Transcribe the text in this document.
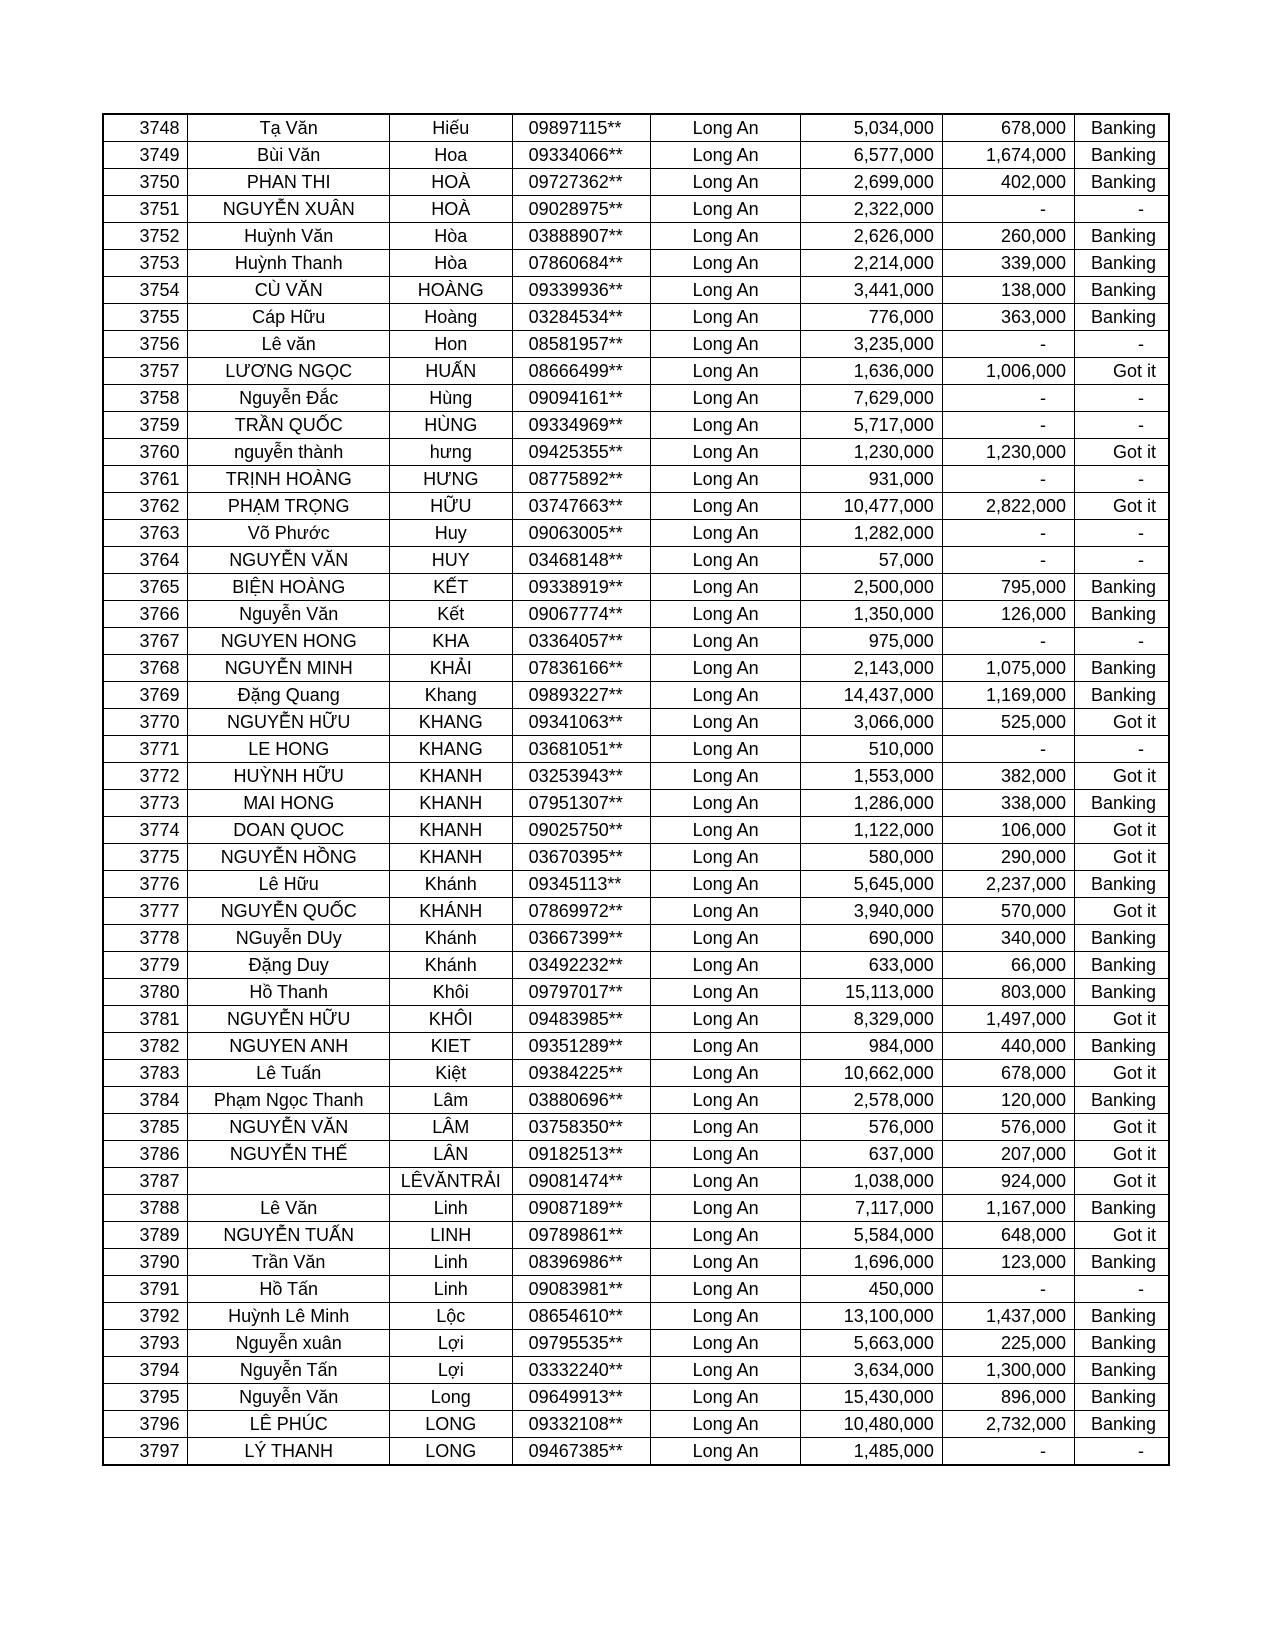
3748	Tạ Văn	Hiếu	09897115**	Long An	5,034,000	678,000	Banking
3749	Bùi Văn	Hoa	09334066**	Long An	6,577,000	1,674,000	Banking
3750	PHAN THI	HOÀ	09727362**	Long An	2,699,000	402,000	Banking
3751	NGUYỄN XUÂN	HOÀ	09028975**	Long An	2,322,000	-	-
3752	Huỳnh Văn	Hòa	03888907**	Long An	2,626,000	260,000	Banking
3753	Huỳnh Thanh	Hòa	07860684**	Long An	2,214,000	339,000	Banking
3754	CÙ VĂN	HOÀNG	09339936**	Long An	3,441,000	138,000	Banking
3755	Cáp Hữu	Hoàng	03284534**	Long An	776,000	363,000	Banking
3756	Lê văn	Hon	08581957**	Long An	3,235,000	-	-
3757	LƯƠNG NGỌC	HUẤN	08666499**	Long An	1,636,000	1,006,000	Got it
3758	Nguyễn Đắc	Hùng	09094161**	Long An	7,629,000	-	-
3759	TRẦN QUỐC	HÙNG	09334969**	Long An	5,717,000	-	-
3760	nguyễn thành	hưng	09425355**	Long An	1,230,000	1,230,000	Got it
3761	TRỊNH HOÀNG	HƯNG	08775892**	Long An	931,000	-	-
3762	PHẠM TRỌNG	HỮU	03747663**	Long An	10,477,000	2,822,000	Got it
3763	Võ Phước	Huy	09063005**	Long An	1,282,000	-	-
3764	NGUYỄN VĂN	HUY	03468148**	Long An	57,000	-	-
3765	BIỆN HOÀNG	KẾT	09338919**	Long An	2,500,000	795,000	Banking
3766	Nguyễn Văn	Kết	09067774**	Long An	1,350,000	126,000	Banking
3767	NGUYEN HONG	KHA	03364057**	Long An	975,000	-	-
3768	NGUYỄN MINH	KHẢI	07836166**	Long An	2,143,000	1,075,000	Banking
3769	Đặng Quang	Khang	09893227**	Long An	14,437,000	1,169,000	Banking
3770	NGUYỄN HỮU	KHANG	09341063**	Long An	3,066,000	525,000	Got it
3771	LE HONG	KHANG	03681051**	Long An	510,000	-	-
3772	HUỲNH HỮU	KHANH	03253943**	Long An	1,553,000	382,000	Got it
3773	MAI HONG	KHANH	07951307**	Long An	1,286,000	338,000	Banking
3774	DOAN QUOC	KHANH	09025750**	Long An	1,122,000	106,000	Got it
3775	NGUYỄN HỒNG	KHANH	03670395**	Long An	580,000	290,000	Got it
3776	Lê Hữu	Khánh	09345113**	Long An	5,645,000	2,237,000	Banking
3777	NGUYỄN QUỐC	KHÁNH	07869972**	Long An	3,940,000	570,000	Got it
3778	NGuyễn DUy	Khánh	03667399**	Long An	690,000	340,000	Banking
3779	Đặng Duy	Khánh	03492232**	Long An	633,000	66,000	Banking
3780	Hồ Thanh	Khôi	09797017**	Long An	15,113,000	803,000	Banking
3781	NGUYỄN HỮU	KHÔI	09483985**	Long An	8,329,000	1,497,000	Got it
3782	NGUYEN ANH	KIET	09351289**	Long An	984,000	440,000	Banking
3783	Lê Tuấn	Kiệt	09384225**	Long An	10,662,000	678,000	Got it
3784	Phạm Ngọc Thanh	Lâm	03880696**	Long An	2,578,000	120,000	Banking
3785	NGUYỄN VĂN	LÂM	03758350**	Long An	576,000	576,000	Got it
3786	NGUYỄN THẾ	LÂN	09182513**	Long An	637,000	207,000	Got it
3787		LÊVĂNTRẢI	09081474**	Long An	1,038,000	924,000	Got it
3788	Lê Văn	Linh	09087189**	Long An	7,117,000	1,167,000	Banking
3789	NGUYỄN TUẤN	LINH	09789861**	Long An	5,584,000	648,000	Got it
3790	Trần Văn	Linh	08396986**	Long An	1,696,000	123,000	Banking
3791	Hồ Tấn	Linh	09083981**	Long An	450,000	-	-
3792	Huỳnh Lê Minh	Lộc	08654610**	Long An	13,100,000	1,437,000	Banking
3793	Nguyễn xuân	Lợi	09795535**	Long An	5,663,000	225,000	Banking
3794	Nguyễn Tấn	Lợi	03332240**	Long An	3,634,000	1,300,000	Banking
3795	Nguyễn Văn	Long	09649913**	Long An	15,430,000	896,000	Banking
3796	LÊ PHÚC	LONG	09332108**	Long An	10,480,000	2,732,000	Banking
3797	LÝ THANH	LONG	09467385**	Long An	1,485,000	-	-
